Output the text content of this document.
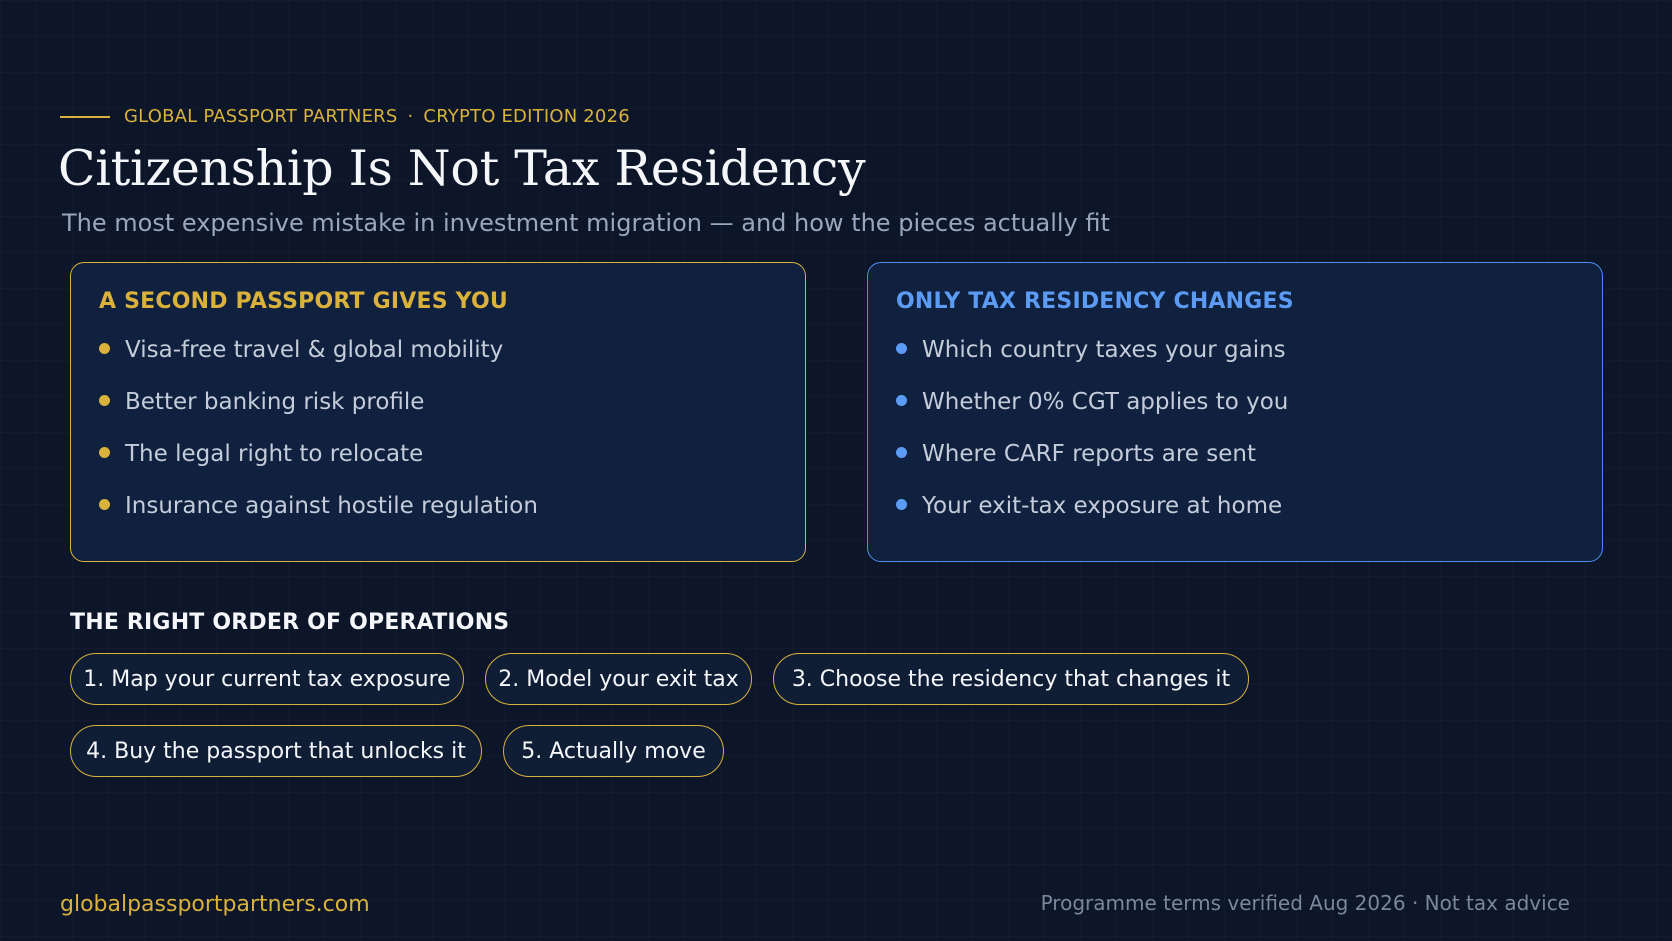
GLOBAL PASSPORT PARTNERS · CRYPTO EDITION 2026
Citizenship Is Not Tax Residency

The most expensive mistake in investment migration — and how the pieces actually fit

A SECOND PASSPORT GIVES YOU
Visa-free travel & global mobility
Better banking risk profile
The legal right to relocate
Insurance against hostile regulation
ONLY TAX RESIDENCY CHANGES
Which country taxes your gains
Whether 0% CGT applies to you
Where CARF reports are sent
Your exit-tax exposure at home
THE RIGHT ORDER OF OPERATIONS
1. Map your current tax exposure	2. Model your exit tax	3. Choose the residency that changes it
4. Buy the passport that unlocks it	5. Actually move
globalpassportpartners.com	Programme terms verified Aug 2026 · Not tax advice
